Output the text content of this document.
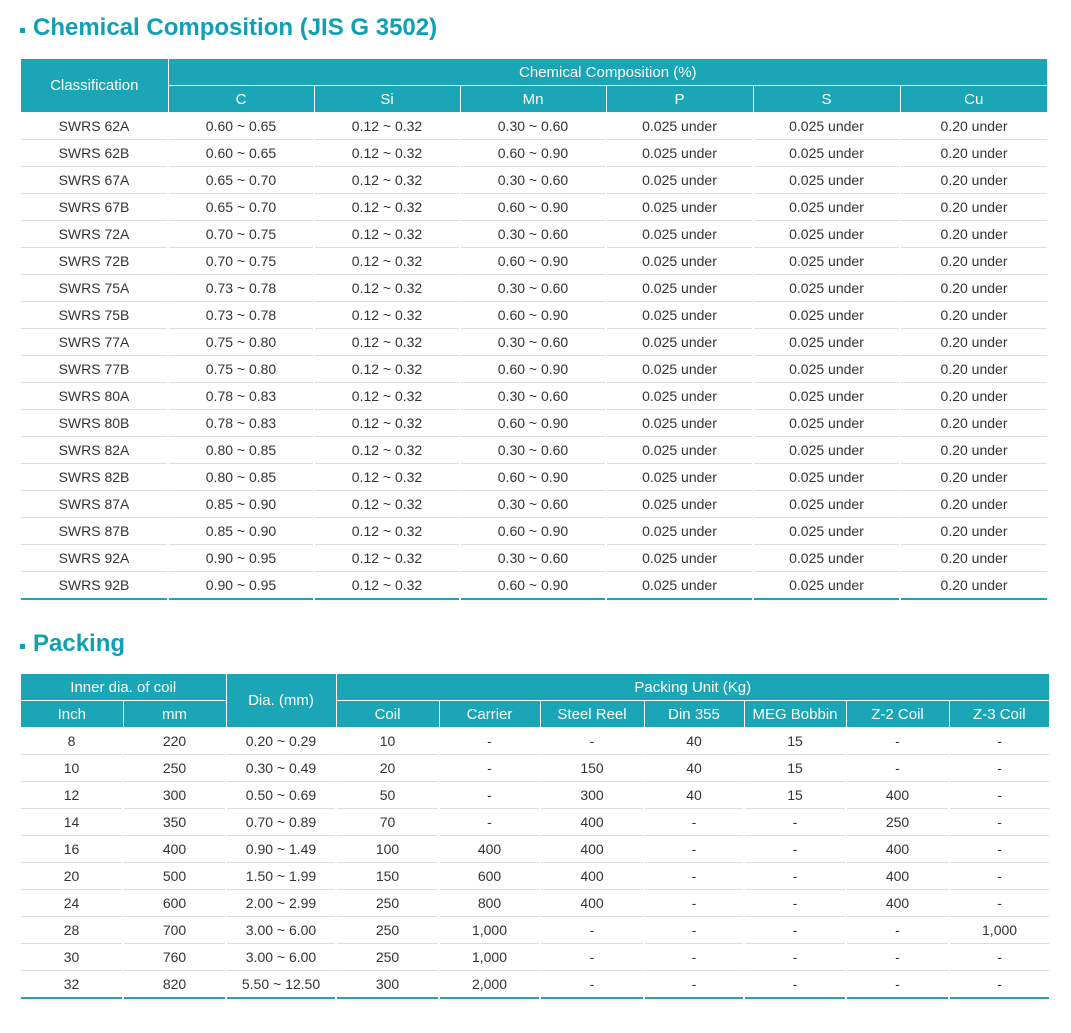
Chemical Composition (JIS G 3502)
Classification	Chemical Composition (%)					
	C	Si	Mn	P	S	Cu
SWRS 62A	0.60 ~ 0.65	0.12 ~ 0.32	0.30 ~ 0.60	0.025 under	0.025 under	0.20 under
SWRS 62B	0.60 ~ 0.65	0.12 ~ 0.32	0.60 ~ 0.90	0.025 under	0.025 under	0.20 under
SWRS 67A	0.65 ~ 0.70	0.12 ~ 0.32	0.30 ~ 0.60	0.025 under	0.025 under	0.20 under
SWRS 67B	0.65 ~ 0.70	0.12 ~ 0.32	0.60 ~ 0.90	0.025 under	0.025 under	0.20 under
SWRS 72A	0.70 ~ 0.75	0.12 ~ 0.32	0.30 ~ 0.60	0.025 under	0.025 under	0.20 under
SWRS 72B	0.70 ~ 0.75	0.12 ~ 0.32	0.60 ~ 0.90	0.025 under	0.025 under	0.20 under
SWRS 75A	0.73 ~ 0.78	0.12 ~ 0.32	0.30 ~ 0.60	0.025 under	0.025 under	0.20 under
SWRS 75B	0.73 ~ 0.78	0.12 ~ 0.32	0.60 ~ 0.90	0.025 under	0.025 under	0.20 under
SWRS 77A	0.75 ~ 0.80	0.12 ~ 0.32	0.30 ~ 0.60	0.025 under	0.025 under	0.20 under
SWRS 77B	0.75 ~ 0.80	0.12 ~ 0.32	0.60 ~ 0.90	0.025 under	0.025 under	0.20 under
SWRS 80A	0.78 ~ 0.83	0.12 ~ 0.32	0.30 ~ 0.60	0.025 under	0.025 under	0.20 under
SWRS 80B	0.78 ~ 0.83	0.12 ~ 0.32	0.60 ~ 0.90	0.025 under	0.025 under	0.20 under
SWRS 82A	0.80 ~ 0.85	0.12 ~ 0.32	0.30 ~ 0.60	0.025 under	0.025 under	0.20 under
SWRS 82B	0.80 ~ 0.85	0.12 ~ 0.32	0.60 ~ 0.90	0.025 under	0.025 under	0.20 under
SWRS 87A	0.85 ~ 0.90	0.12 ~ 0.32	0.30 ~ 0.60	0.025 under	0.025 under	0.20 under
SWRS 87B	0.85 ~ 0.90	0.12 ~ 0.32	0.60 ~ 0.90	0.025 under	0.025 under	0.20 under
SWRS 92A	0.90 ~ 0.95	0.12 ~ 0.32	0.30 ~ 0.60	0.025 under	0.025 under	0.20 under
SWRS 92B	0.90 ~ 0.95	0.12 ~ 0.32	0.60 ~ 0.90	0.025 under	0.025 under	0.20 under
Packing
Inner dia. of coil		Dia. (mm)	Packing Unit (Kg)						
Inch	mm		Coil	Carrier	Steel Reel	Din 355	MEG Bobbin	Z-2 Coil	Z-3 Coil
8	220	0.20 ~ 0.29	10	-	-	40	15	-	-
10	250	0.30 ~ 0.49	20	-	150	40	15	-	-
12	300	0.50 ~ 0.69	50	-	300	40	15	400	-
14	350	0.70 ~ 0.89	70	-	400	-	-	250	-
16	400	0.90 ~ 1.49	100	400	400	-	-	400	-
20	500	1.50 ~ 1.99	150	600	400	-	-	400	-
24	600	2.00 ~ 2.99	250	800	400	-	-	400	-
28	700	3.00 ~ 6.00	250	1,000	-	-	-	-	1,000
30	760	3.00 ~ 6.00	250	1,000	-	-	-	-	-
32	820	5.50 ~ 12.50	300	2,000	-	-	-	-	-
